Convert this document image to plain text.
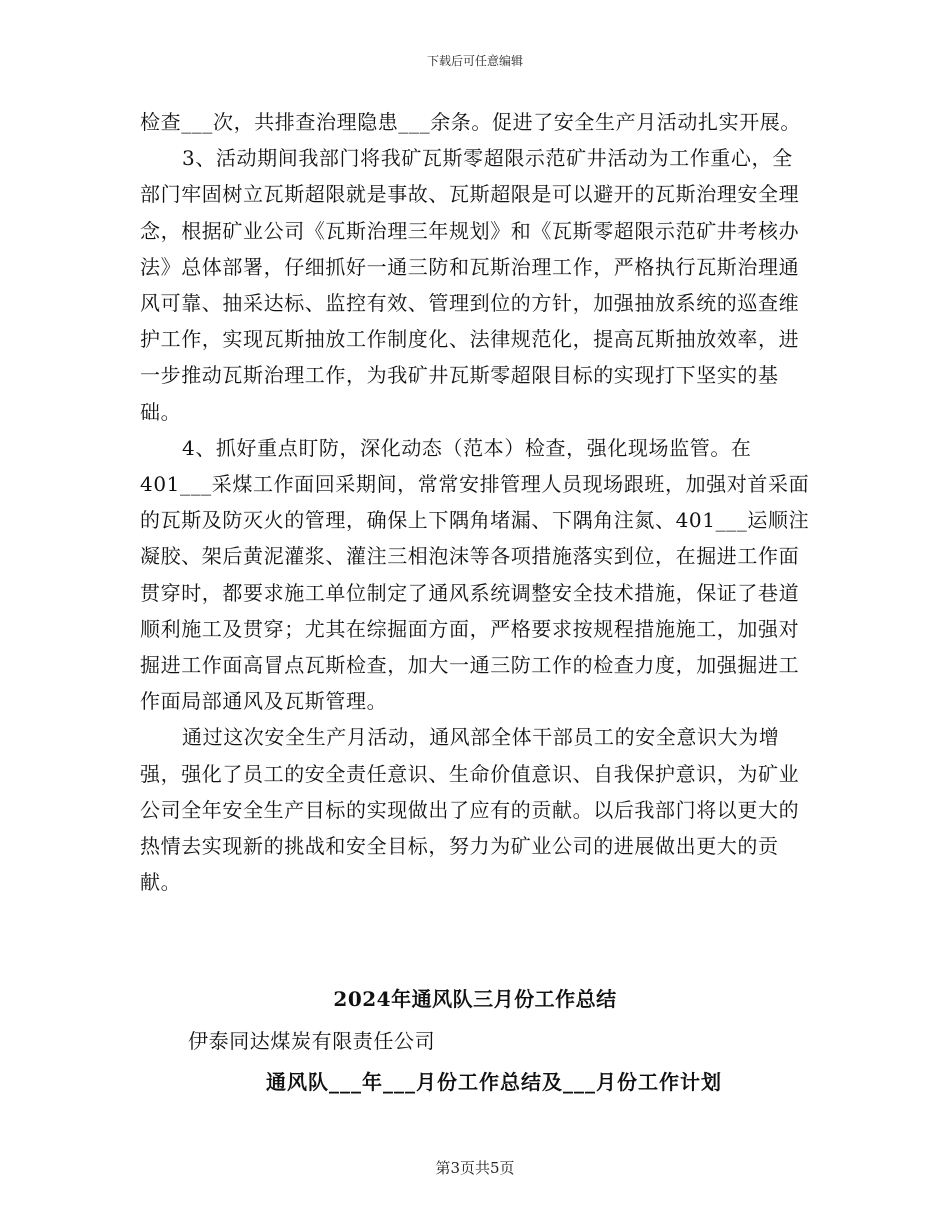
下载后可任意编辑

检查___次，共排查治理隐患___余条。促进了安全生产月活动扎实开展。

3、活动期间我部门将我矿瓦斯零超限示范矿井活动为工作重心，全部门牢固树立瓦斯超限就是事故、瓦斯超限是可以避开的瓦斯治理安全理念，根据矿业公司《瓦斯治理三年规划》和《瓦斯零超限示范矿井考核办法》总体部署，仔细抓好一通三防和瓦斯治理工作，严格执行瓦斯治理通风可靠、抽采达标、监控有效、管理到位的方针，加强抽放系统的巡查维护工作，实现瓦斯抽放工作制度化、法律规范化，提高瓦斯抽放效率，进一步推动瓦斯治理工作，为我矿井瓦斯零超限目标的实现打下坚实的基础。

4、抓好重点盯防，深化动态（范本）检查，强化现场监管。在401___采煤工作面回采期间，常常安排管理人员现场跟班，加强对首采面的瓦斯及防灭火的管理，确保上下隅角堵漏、下隅角注氮、401___运顺注凝胶、架后黄泥灌浆、灌注三相泡沫等各项措施落实到位，在掘进工作面贯穿时，都要求施工单位制定了通风系统调整安全技术措施，保证了巷道顺利施工及贯穿；尤其在综掘面方面，严格要求按规程措施施工，加强对掘进工作面高冒点瓦斯检查，加大一通三防工作的检查力度，加强掘进工作面局部通风及瓦斯管理。

通过这次安全生产月活动，通风部全体干部员工的安全意识大为增强，强化了员工的安全责任意识、生命价值意识、自我保护意识，为矿业公司全年安全生产目标的实现做出了应有的贡献。以后我部门将以更大的热情去实现新的挑战和安全目标，努力为矿业公司的进展做出更大的贡献。

2024年通风队三月份工作总结
伊泰同达煤炭有限责任公司
通风队___年___月份工作总结及___月份工作计划
第3页共5页
